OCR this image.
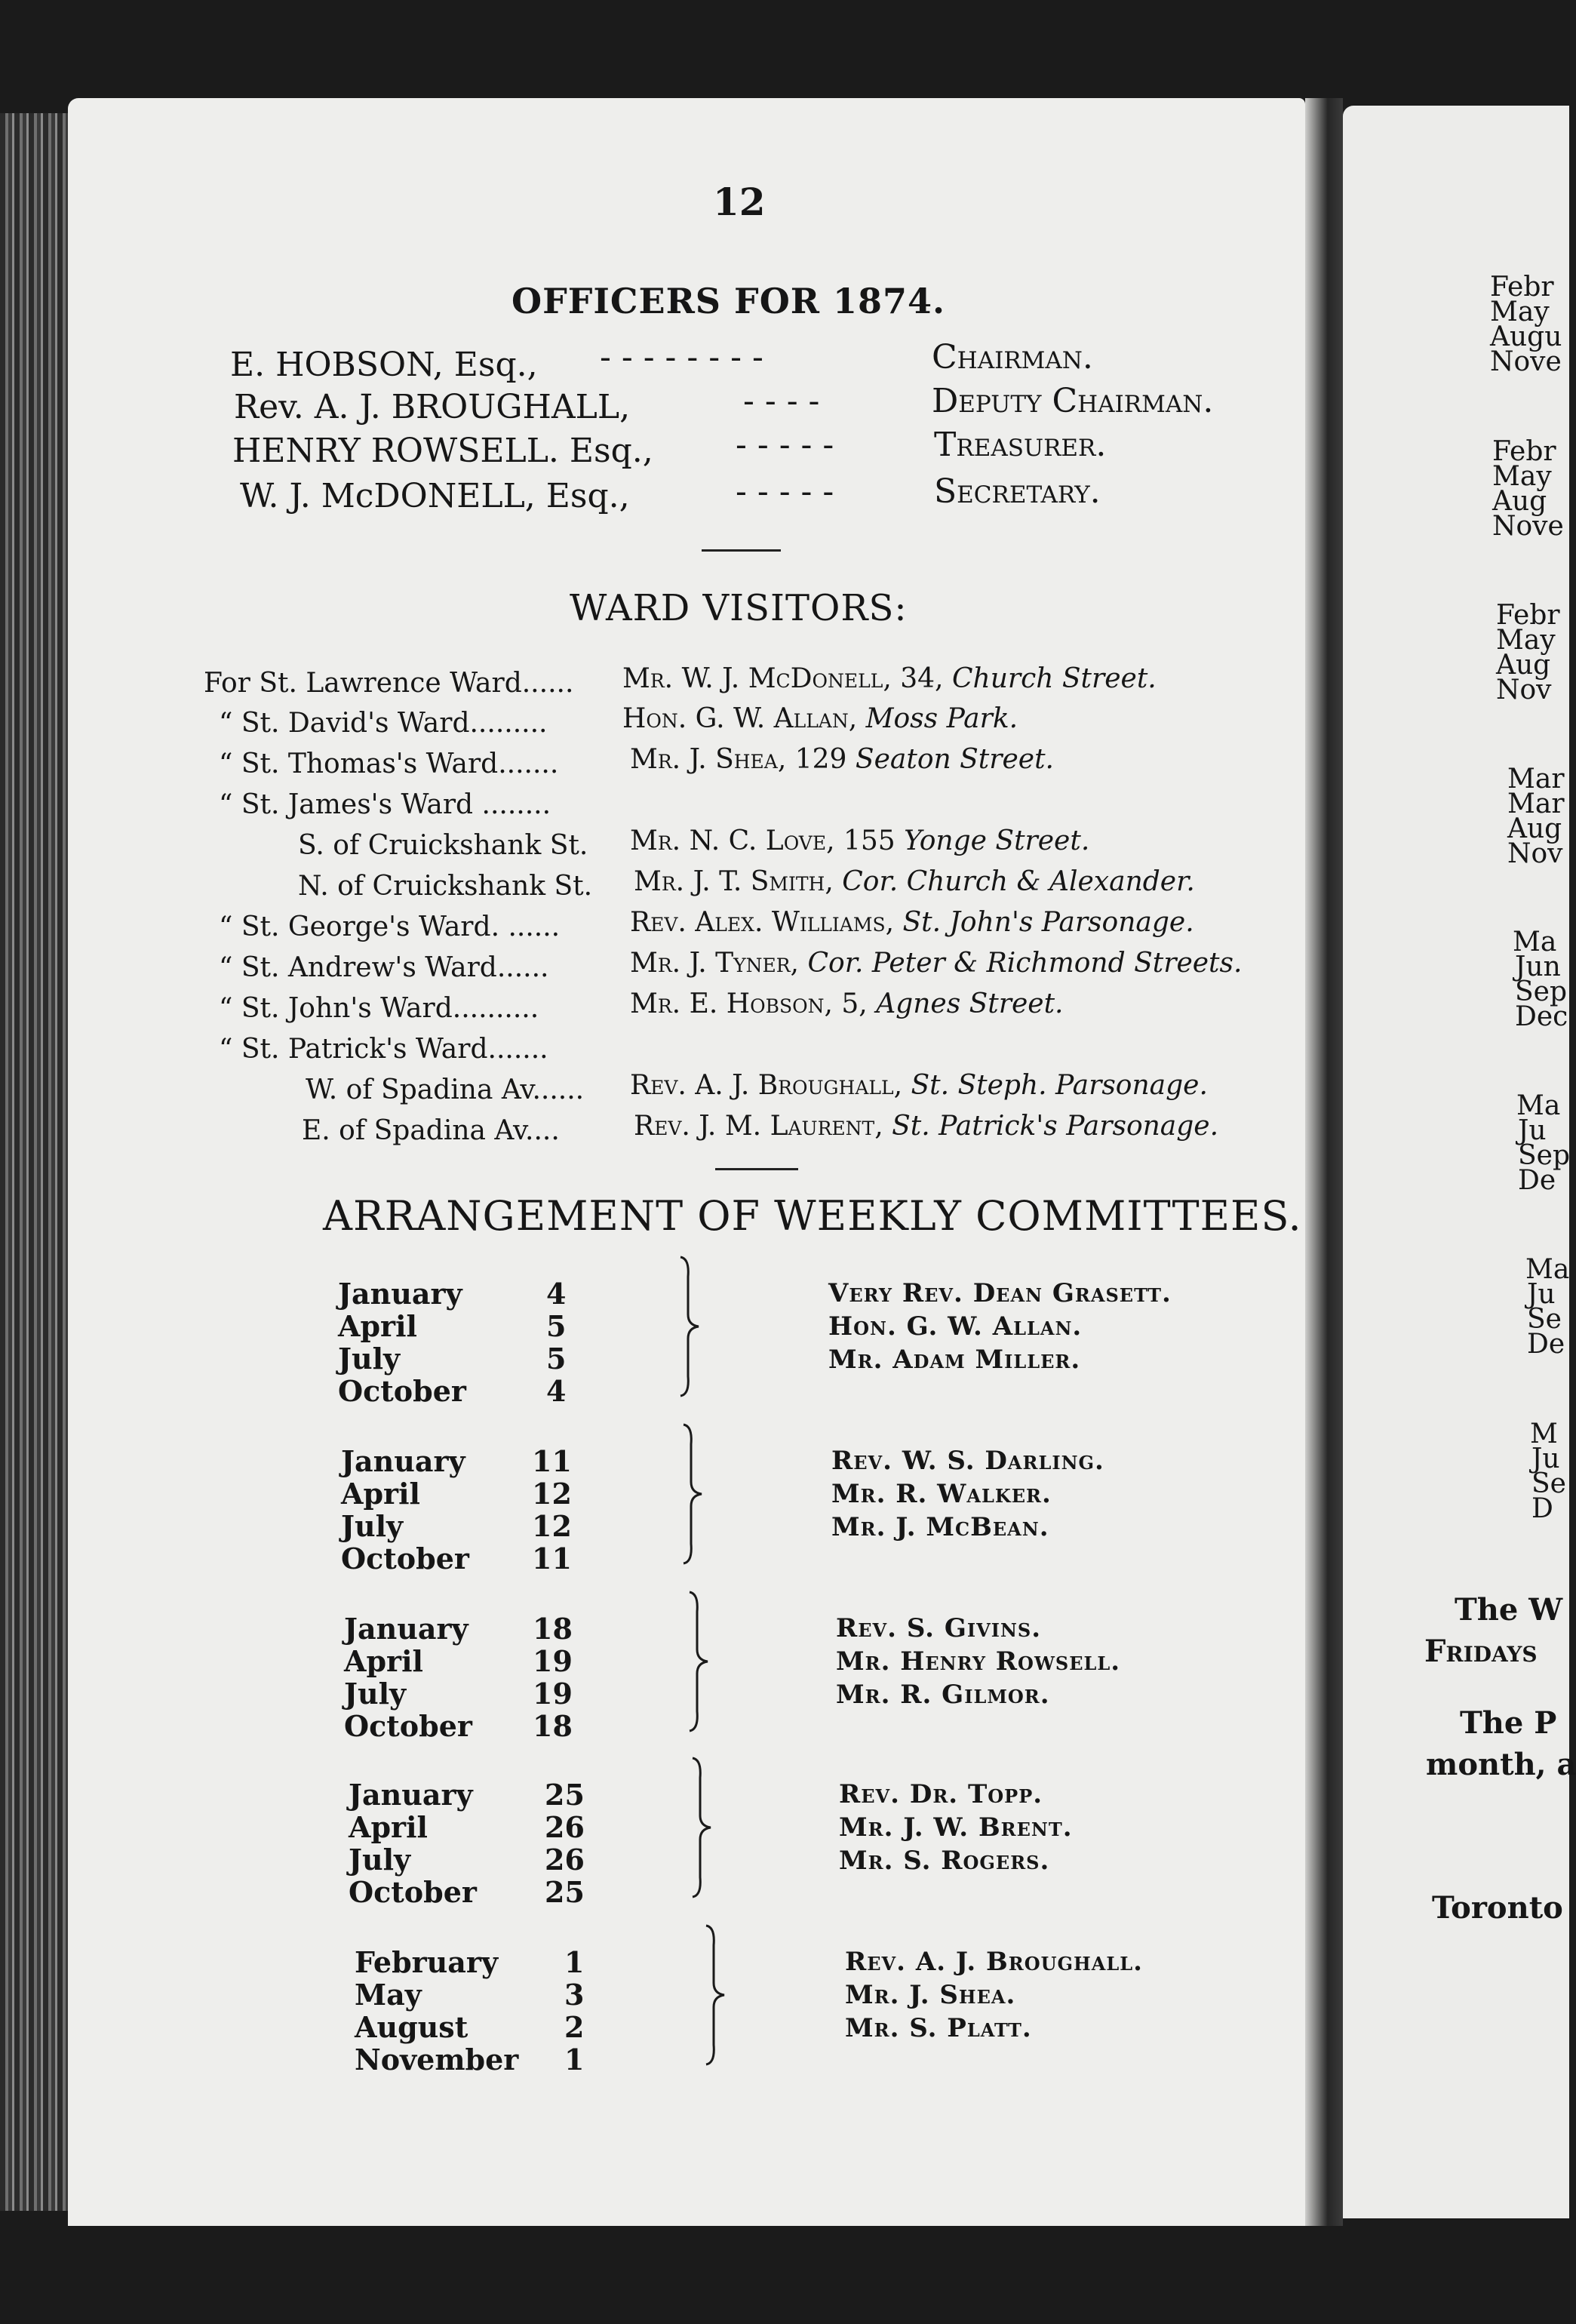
12
OFFICERS FOR 1874.
E. HOBSON, Esq., - - - - - - - -	Chairman.
Rev. A. J. BROUGHALL,	- - - -	Deputy Chairman.
HENRY ROWSELL. Esq., - - - - -	Treasurer.
W. J. McDONELL, Esq.,	- - - - -	Secretary.
WARD VISITORS:
For St. Lawrence Ward...... Mr. W. J. McDonell, 34, Church Street.
“ St. David's Ward.........	Hon. G. W. Allan, Moss Park.
“ St. Thomas's Ward.......	Mr. J. Shea, 129 Seaton Street.
“ St. James's Ward ........
S. of Cruickshank St. Mr. N. C. Love, 155 Yonge Street.
N. of Cruickshank St. Mr. J. T. Smith, Cor. Church & Alexander.
“ St. George's Ward. ......	Rev. Alex. Williams, St. John's Parsonage.
“ St. Andrew's Ward......	Mr. J. Tyner, Cor. Peter & Richmond Streets.
“ St. John's Ward..........	Mr. E. Hobson, 5, Agnes Street.
“ St. Patrick's Ward.......
W. of Spadina Av...... Rev. A. J. Broughall, St. Steph. Parsonage.
E. of Spadina Av....	Rev. J. M. Laurent, St. Patrick's Parsonage.
ARRANGEMENT OF WEEKLY COMMITTEES.
January	4
April	5
July	5
October	4
Very Rev. Dean Grasett.
Hon. G. W. Allan.
Mr. Adam Miller.
January 11
April	12
July	12
October 11
Rev. W. S. Darling.
Mr. R. Walker.
Mr. J. McBean.
January 18
April	19
July	19
October 18
Rev. S. Givins.
Mr. Henry Rowsell.
Mr. R. Gilmor.
January	25
April	26
July	26
October 25
Rev. Dr. Topp.
Mr. J. W. Brent.
Mr. S. Rogers.
February 1
May	3
August	2
November 1
Rev. A. J. Broughall.
Mr. J. Shea.
Mr. S. Platt.
Febr
May
Augu
Nove
Febr
May
Aug
Nove
Febr
May
Aug
Nov
Mar
Mar
Aug
Nov
Ma
Jun
Sep
Dec
Ma
Ju
Sep
De
Ma
Ju
Se
De
M
Ju
Se
D
The W
Fridays
The P
month, a
Toronto
